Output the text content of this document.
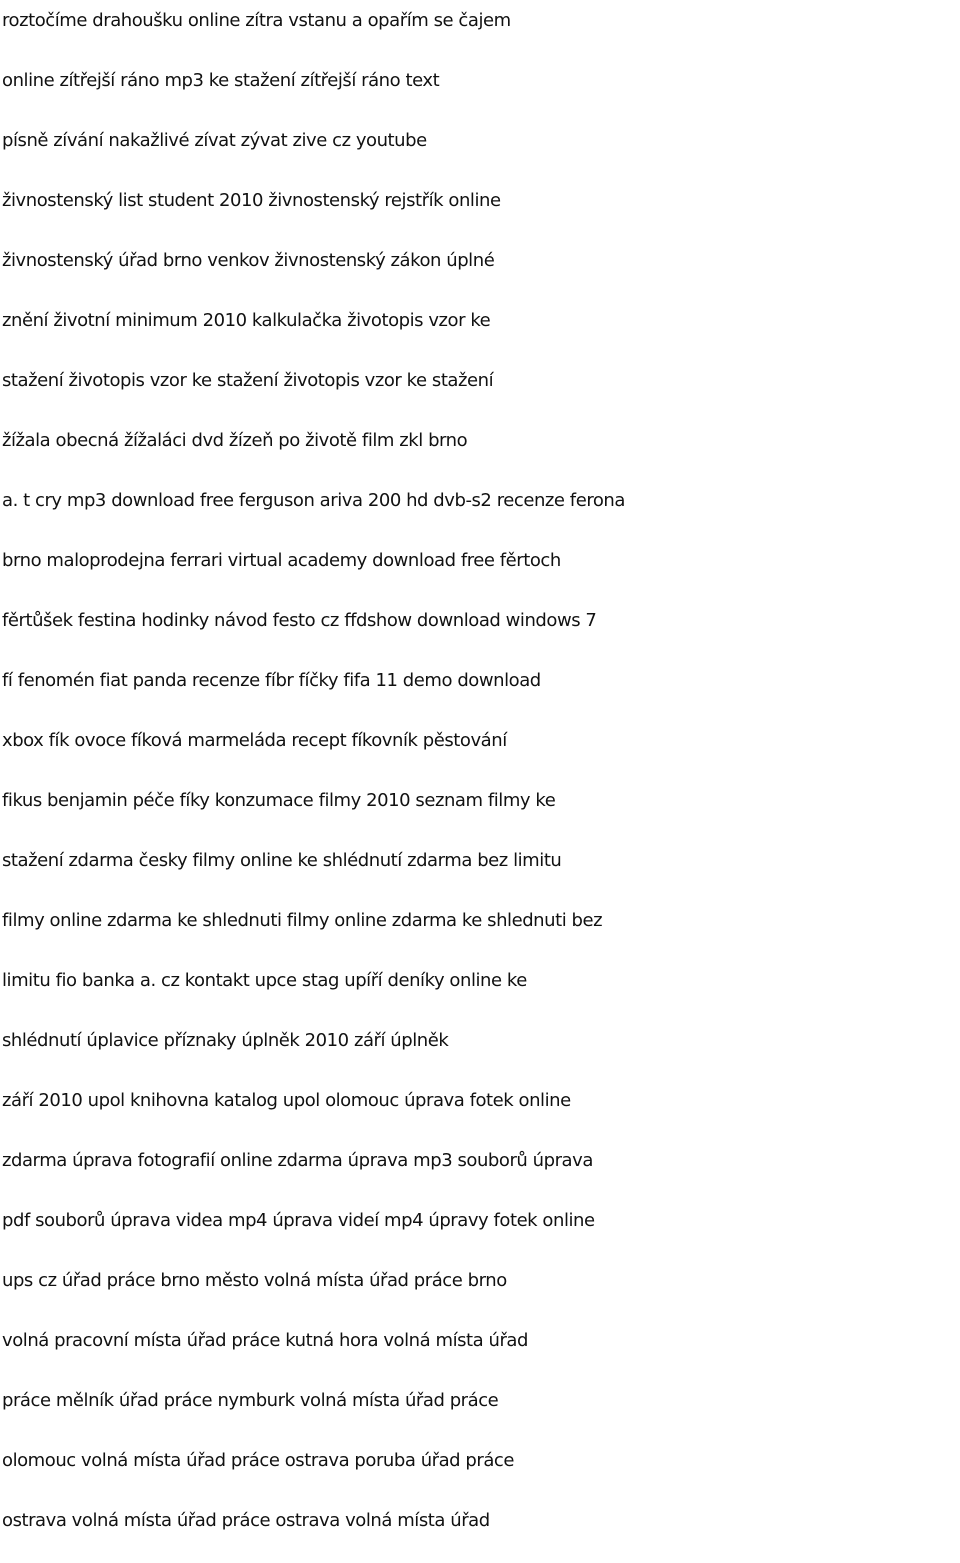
roztočíme drahoušku online zítra vstanu a opařím se čajem
online zítřejší ráno mp3 ke stažení zítřejší ráno text
písně zívání nakažlivé zívat zývat zive cz youtube
živnostenský list student 2010 živnostenský rejstřík online
živnostenský úřad brno venkov živnostenský zákon úplné
znění životní minimum 2010 kalkulačka životopis vzor ke
stažení životopis vzor ke stažení životopis vzor ke stažení
žížala obecná žížaláci dvd žízeň po životě film zkl brno
a. t cry mp3 download free ferguson ariva 200 hd dvb-s2 recenze ferona
brno maloprodejna ferrari virtual academy download free fěrtoch
fěrtůšek festina hodinky návod festo cz ffdshow download windows 7
fí fenomén fiat panda recenze fíbr fíčky fifa 11 demo download
xbox fík ovoce fíková marmeláda recept fíkovník pěstování
fikus benjamin péče fíky konzumace filmy 2010 seznam filmy ke
stažení zdarma česky filmy online ke shlédnutí zdarma bez limitu
filmy online zdarma ke shlednuti filmy online zdarma ke shlednuti bez
limitu fio banka a. cz kontakt upce stag upíří deníky online ke
shlédnutí úplavice příznaky úplněk 2010 září úplněk
září 2010 upol knihovna katalog upol olomouc úprava fotek online
zdarma úprava fotografií online zdarma úprava mp3 souborů úprava
pdf souborů úprava videa mp4 úprava videí mp4 úpravy fotek online
ups cz úřad práce brno město volná místa úřad práce brno
volná pracovní místa úřad práce kutná hora volná místa úřad
práce mělník úřad práce nymburk volná místa úřad práce
olomouc volná místa úřad práce ostrava poruba úřad práce
ostrava volná místa úřad práce ostrava volná místa úřad
